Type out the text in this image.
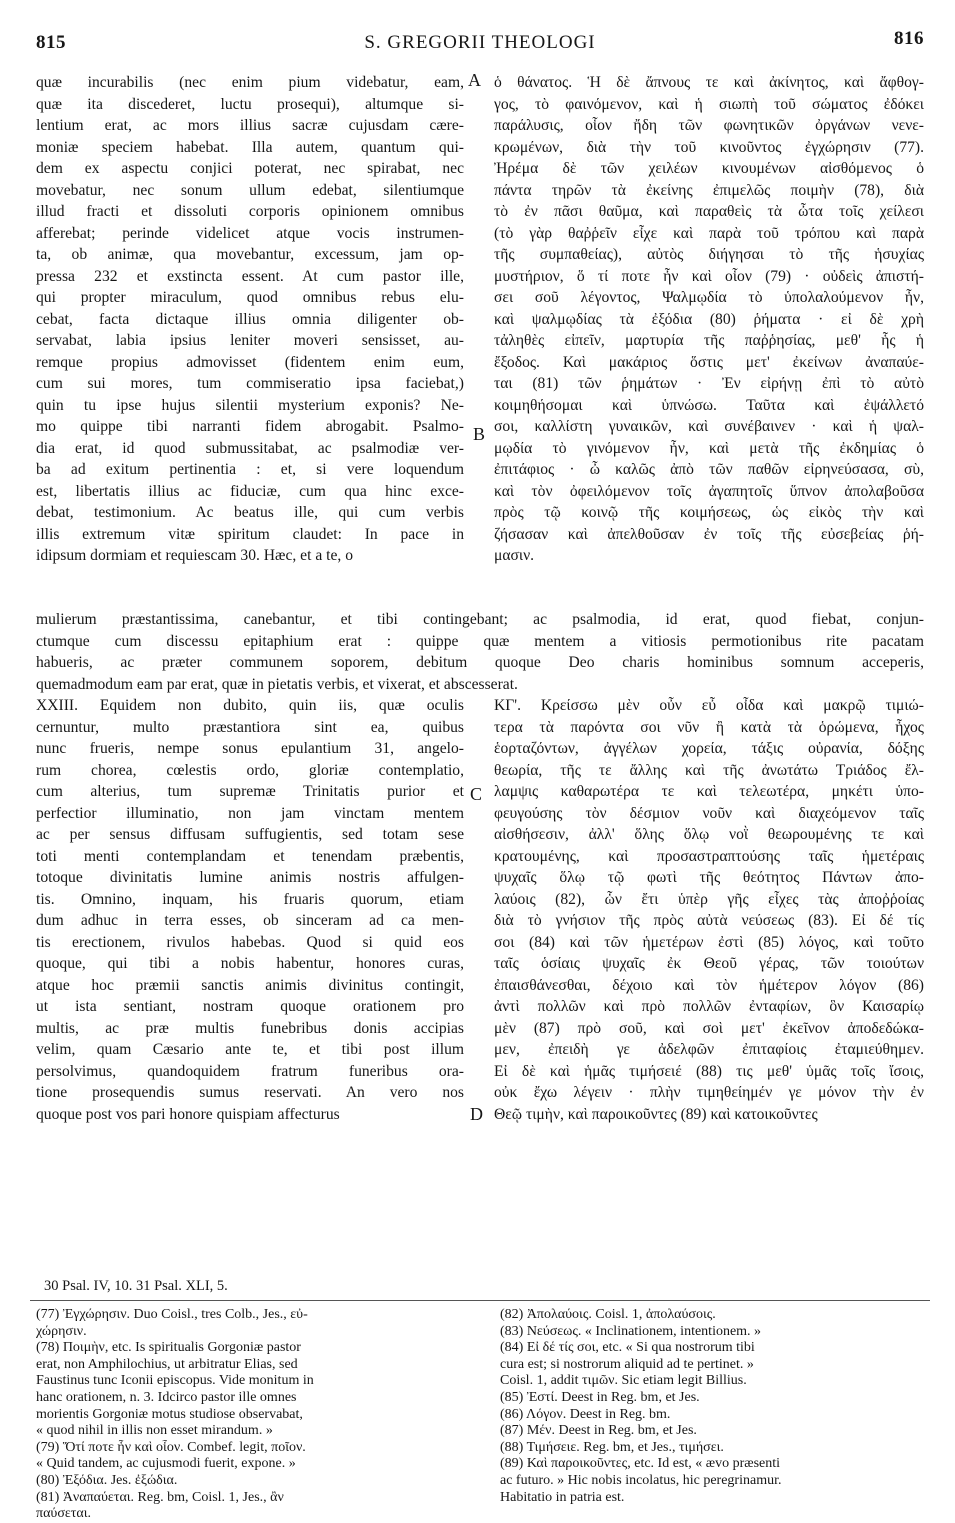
815	S. GREGORII THEOLOGI	816
A
B
C
D
quæ incurabilis (nec enim pium videbatur, eam,
quæ ita discederet, luctu prosequi), altumque si-
lentium erat, ac mors illius sacræ cujusdam cære-
moniæ speciem habebat. Illa autem, quantum qui-
dem ex aspectu conjici poterat, nec spirabat, nec
movebatur, nec sonum ullum edebat, silentiumque
illud fracti et dissoluti corporis opinionem omnibus
afferebat; perinde videlicet atque vocis instrumen-
ta, ob animæ, qua movebantur, excessum, jam op-
pressa 232 et exstincta essent. At cum pastor ille,
qui propter miraculum, quod omnibus rebus elu-
cebat, facta dictaque illius omnia diligenter ob-
servabat, labia ipsius leniter moveri sensisset, au-
remque propius admovisset (fidentem enim eum,
cum sui mores, tum commiseratio ipsa faciebat,)
quin tu ipse hujus silentii mysterium exponis? Ne-
mo quippe tibi narranti fidem abrogabit. Psalmo-
dia erat, id quod submussitabat, ac psalmodiæ ver-
ba ad exitum pertinentia : et, si vere loquendum
est, libertatis illius ac fiduciæ, cum qua hinc exce-
debat, testimonium. Ac beatus ille, qui cum verbis
illis extremum vitæ spiritum claudet: In pace in
idipsum dormiam et requiescam 30. Hæc, et a te, o
ὁ θάνατος. Ἡ δὲ ἄπνους τε καὶ ἀκίνητος, καὶ ἄφθογ-
γος, τὸ φαινόμενον, καὶ ἡ σιωπὴ τοῦ σώματος ἐδόκει
παράλυσις, οἷον ἤδη τῶν φωνητικῶν ὀργάνων νενε-
κρωμένων, διὰ τὴν τοῦ κινοῦντος ἐγχώρησιν (77).
Ἠρέμα δὲ τῶν χειλέων κινουμένων αἰσθόμενος ὁ
πάντα τηρῶν τὰ ἐκείνης ἐπιμελῶς ποιμὴν (78), διὰ
τὸ ἐν πᾶσι θαῦμα, καὶ παραθεὶς τὰ ὦτα τοῖς χείλεσι
(τὸ γὰρ θαῤῥεῖν εἶχε καὶ παρὰ τοῦ τρόπου καὶ παρὰ
τῆς συμπαθείας), αὐτὸς διήγησαι τὸ τῆς ἡσυχίας
μυστήριον, ὅ τί ποτε ἦν καὶ οἷον (79) · οὐδεὶς ἀπιστή-
σει σοῦ λέγοντος, Ψαλμῳδία τὸ ὑπολαλούμενον ἦν,
καὶ ψαλμῳδίας τὰ ἐξόδια (80) ῥήματα · εἰ δὲ χρὴ
τἀληθὲς εἰπεῖν, μαρτυρία τῆς παῤῥησίας, μεθ' ἧς ἡ
ἔξοδος. Καὶ μακάριος ὅστις μετ' ἐκείνων ἀναπαύε-
ται (81) τῶν ῥημάτων · Ἐν εἰρήνῃ ἐπὶ τὸ αὐτὸ
κοιμηθήσομαι καὶ ὑπνώσω. Ταῦτα καὶ ἐψάλλετό
σοι, καλλίστη γυναικῶν, καὶ συνέβαινεν · καὶ ἡ ψαλ-
μῳδία τὸ γινόμενον ἦν, καὶ μετὰ τῆς ἐκδημίας ὁ
ἐπιτάφιος · ὦ καλῶς ἀπὸ τῶν παθῶν εἰρηνεύσασα, σὺ,
καὶ τὸν ὀφειλόμενον τοῖς ἀγαπητοῖς ὕπνον ἀπολαβοῦσα
πρὸς τῷ κοινῷ τῆς κοιμήσεως, ὡς εἰκὸς τὴν καὶ
ζήσασαν καὶ ἀπελθοῦσαν ἐν τοῖς τῆς εὐσεβείας ῥή-
μασιν.
mulierum præstantissima, canebantur, et tibi contingebant; ac psalmodia, id erat, quod fiebat, conjun-
ctumque cum discessu epitaphium erat : quippe quæ mentem a vitiosis permotionibus rite pacatam
habueris, ac præter communem soporem, debitum quoque Deo charis hominibus somnum acceperis,
quemadmodum eam par erat, quæ in pietatis verbis, et vixerat, et abscesserat.
XXIII. Equidem non dubito, quin iis, quæ oculis
cernuntur, multo præstantiora sint ea, quibus
nunc frueris, nempe sonus epulantium 31, angelo-
rum chorea, cœlestis ordo, gloriæ contemplatio,
cum alterius, tum supremæ Trinitatis purior et
perfectior illuminatio, non jam vinctam mentem
ac per sensus diffusam suffugientis, sed totam sese
toti menti contemplandam et tenendam præbentis,
totoque divinitatis lumine animis nostris affulgen-
tis. Omnino, inquam, his fruaris quorum, etiam
dum adhuc in terra esses, ob sinceram ad ca men-
tis erectionem, rivulos habebas. Quod si quid eos
quoque, qui tibi a nobis habentur, honores curas,
atque hoc præmii sanctis animis divinitus contingit,
ut ista sentiant, nostram quoque orationem pro
multis, ac præ multis funebribus donis accipias
velim, quam Cæsario ante te, et tibi post illum
persolvimus, quandoquidem fratrum funeribus ora-
tione prosequendis sumus reservati. An vero nos
quoque post vos pari honore quispiam affecturus
ΚΓ'. Κρείσσω μὲν οὖν εὖ οἶδα καὶ μακρῷ τιμιώ-
τερα τὰ παρόντα σοι νῦν ἢ κατὰ τὰ ὁρώμενα, ἦχος
ἑορταζόντων, ἀγγέλων χορεία, τάξις οὐρανία, δόξης
θεωρία, τῆς τε ἄλλης καὶ τῆς ἀνωτάτω Τριάδος ἔλ-
λαμψις καθαρωτέρα τε καὶ τελεωτέρα, μηκέτι ὑπο-
φευγούσης τὸν δέσμιον νοῦν καὶ διαχεόμενον ταῖς
αἰσθήσεσιν, ἀλλ' ὅλης ὅλῳ νοῒ θεωρουμένης τε καὶ
κρατουμένης, καὶ προσαστραπτούσης ταῖς ἡμετέραις
ψυχαῖς ὅλῳ τῷ φωτὶ τῆς θεότητος Πάντων ἀπο-
λαύοις (82), ὧν ἔτι ὑπὲρ γῆς εἶχες τὰς ἀποῤῥοίας
διὰ τὸ γνήσιον τῆς πρὸς αὐτὰ νεύσεως (83). Εἰ δέ τίς
σοι (84) καὶ τῶν ἡμετέρων ἐστὶ (85) λόγος, καὶ τοῦτο
ταῖς ὁσίαις ψυχαῖς ἐκ Θεοῦ γέρας, τῶν τοιούτων
ἐπαισθάνεσθαι, δέχοιο καὶ τὸν ἡμέτερον λόγον (86)
ἀντὶ πολλῶν καὶ πρὸ πολλῶν ἐνταφίων, ὃν Καισαρίῳ
μὲν (87) πρὸ σοῦ, καὶ σοὶ μετ' ἐκεῖνον ἀποδεδώκα-
μεν, ἐπειδὴ γε ἀδελφῶν ἐπιταφίοις ἐταμιεύθημεν.
Εἰ δὲ καὶ ἡμᾶς τιμήσειέ (88) τις μεθ' ὑμᾶς τοῖς ἴσοις,
οὐκ ἔχω λέγειν · πλὴν τιμηθείημέν γε μόνον τὴν ἐν
Θεῷ τιμὴν, καὶ παροικοῦντες (89) καὶ κατοικοῦντες
30 Psal. IV, 10. 31 Psal. XLI, 5.
(77) Ἐγχώρησιν. Duo Coisl., tres Colb., Jes., εὐ-
χώρησιν.
(78) Ποιμὴν, etc. Is spiritualis Gorgoniæ pastor
erat, non Amphilochius, ut arbitratur Elias, sed
Faustinus tunc Iconii episcopus. Vide monitum in
hanc orationem, n. 3. Idcirco pastor ille omnes
morientis Gorgoniæ motus studiose observabat,
« quod nihil in illis non esset mirandum. »
(79) Ὅτί ποτε ἦν καὶ οἷον. Combef. legit, ποῖον.
« Quid tandem, ac cujusmodi fuerit, expone. »
(80) Ἐξόδια. Jes. ἐξώδια.
(81) Ἀναπαύεται. Reg. bm, Coisl. 1, Jes., ἂν
παύσεται.
(82) Ἀπολαύοις. Coisl. 1, ἀπολαύσοις.
(83) Νεύσεως. « Inclinationem, intentionem. »
(84) Εἰ δέ τίς σοι, etc. « Si qua nostrorum tibi
cura est; si nostrorum aliquid ad te pertinet. »
Coisl. 1, addit τιμῶν. Sic etiam legit Billius.
(85) Ἐστί. Deest in Reg. bm, et Jes.
(86) Λόγον. Deest in Reg. bm.
(87) Μέν. Deest in Reg. bm, et Jes.
(88) Τιμήσειε. Reg. bm, et Jes., τιμήσει.
(89) Καὶ παροικοῦντες, etc. Id est, « ævo præsenti
ac futuro. » Hic nobis incolatus, hic peregrinamur.
Habitatio in patria est.
